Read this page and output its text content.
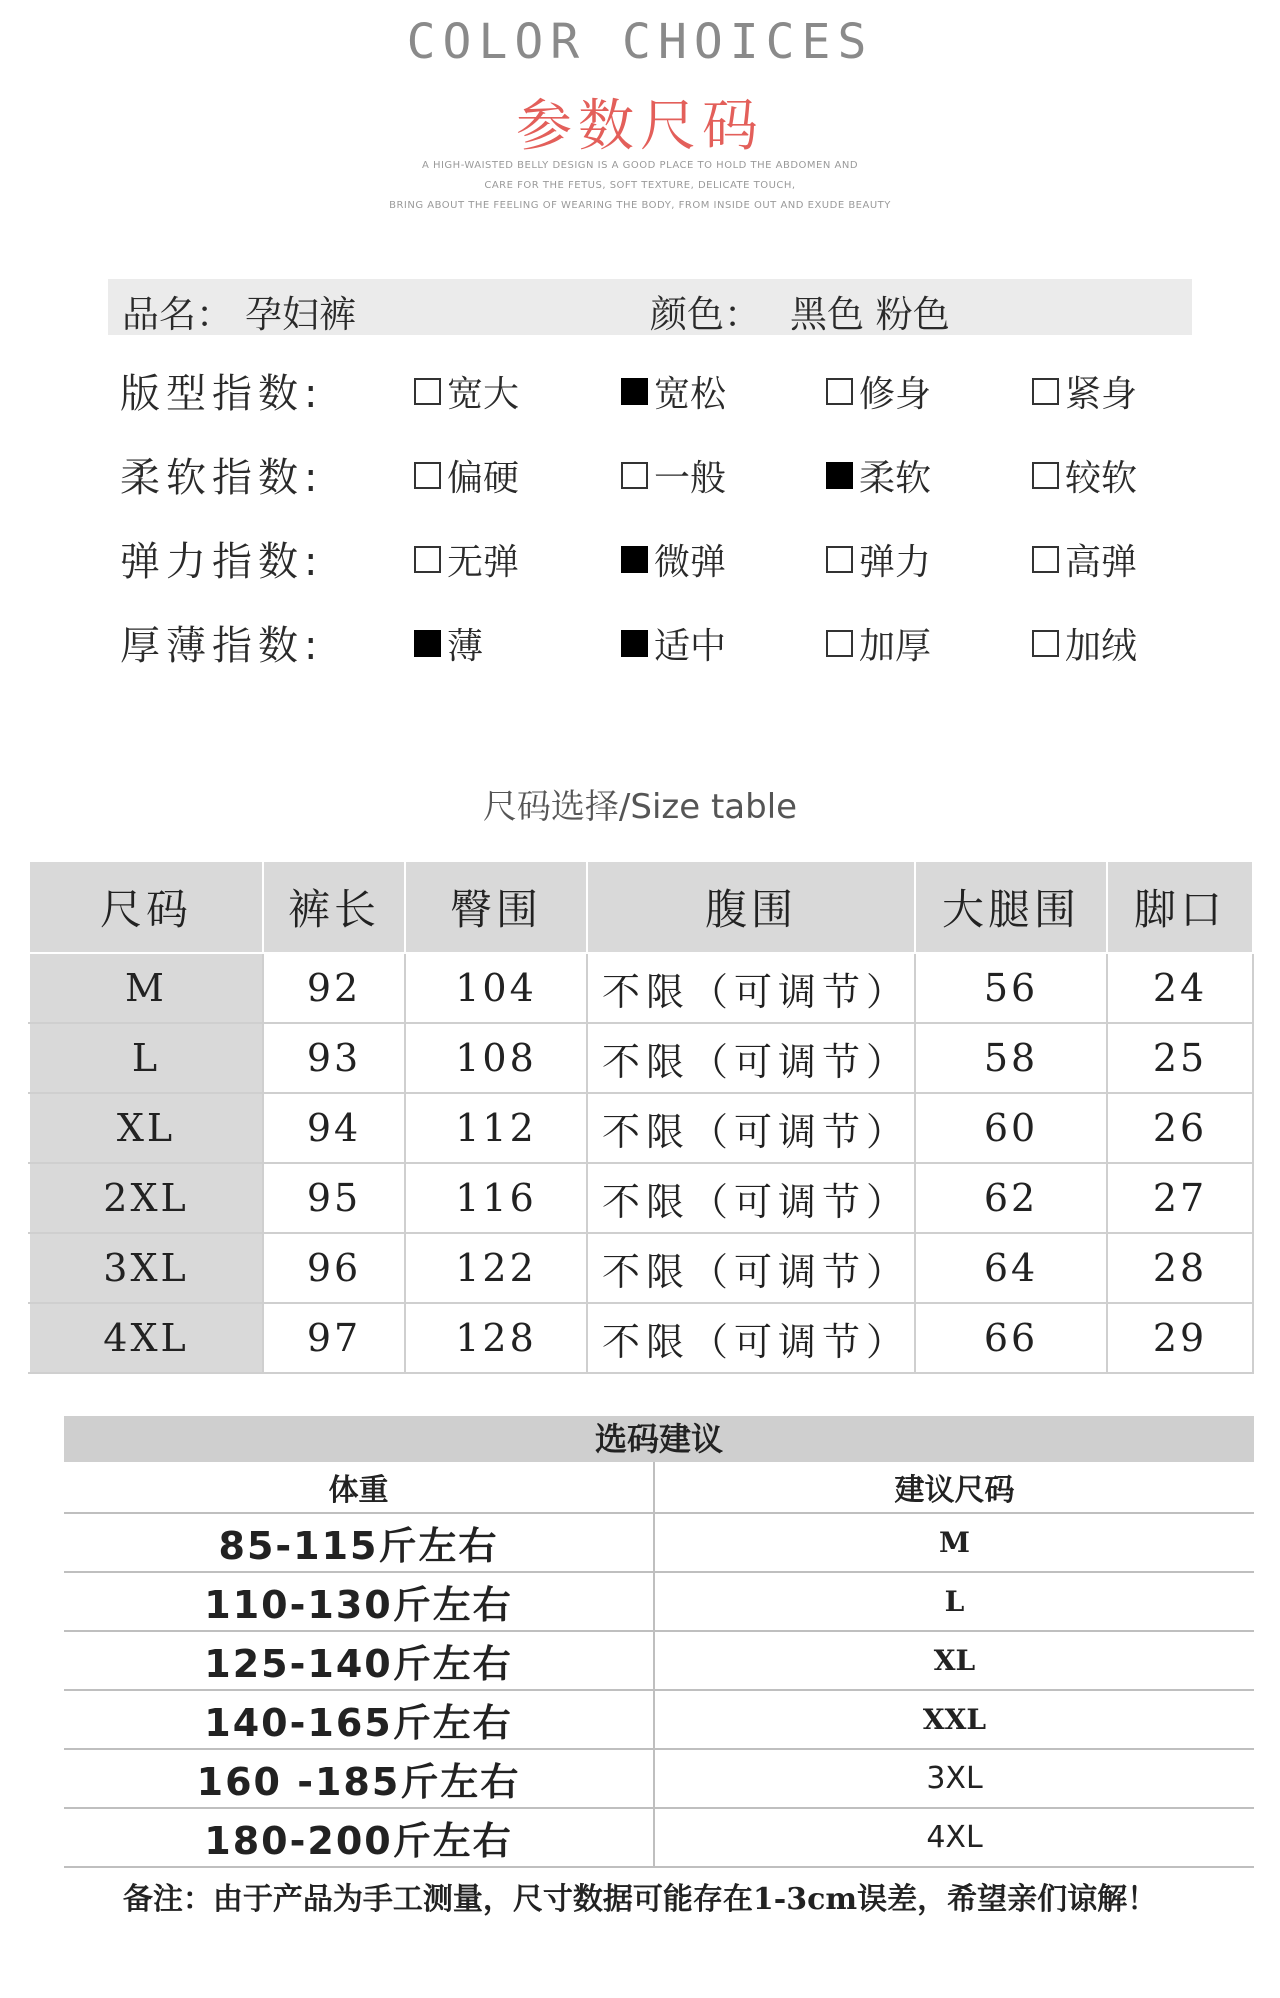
COLOR CHOICES
参数尺码
A HIGH-WAISTED BELLY DESIGN IS A GOOD PLACE TO HOLD THE ABDOMEN AND
CARE FOR THE FETUS, SOFT TEXTURE, DELICATE TOUCH,
BRING ABOUT THE FEELING OF WEARING THE BODY, FROM INSIDE OUT AND EXUDE BEAUTY
品名： 孕妇裤	颜色： 黑色 粉色
版型指数:	宽大	宽松	修身	紧身
柔软指数:	偏硬	一般	柔软	较软
弹力指数:	无弹	微弹	弹力	高弹
厚薄指数:	薄	适中	加厚	加绒
尺码选择/Size table
尺码	裤长	臀围	腹围	大腿围	脚口
M	92	104	不限（可调节）	56	24
L	93	108	不限（可调节）	58	25
XL	94	112	不限（可调节）	60	26
2XL	95	116	不限（可调节）	62	27
3XL	96	122	不限（可调节）	64	28
4XL	97	128	不限（可调节）	66	29
选码建议
体重	建议尺码
85-115斤左右	M
110-130斤左右	L
125-140斤左右	XL
140-165斤左右	XXL
160 -185斤左右	3XL
180-200斤左右	4XL
备注：由于产品为手工测量，尺寸数据可能存在1-3cm误差，希望亲们谅解！
